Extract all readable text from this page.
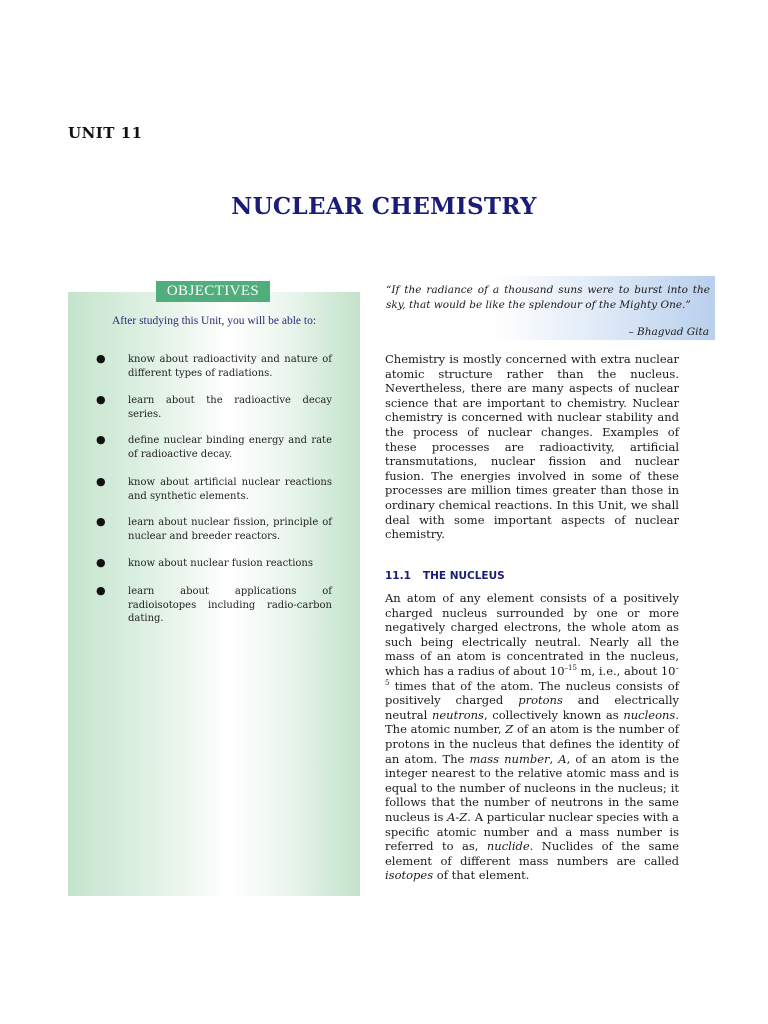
UNIT 11
NUCLEAR CHEMISTRY
OBJECTIVES
After studying this Unit, you will be able to:
● know about radioactivity and nature of different types of radiations.
● learn about the radioactive decay series.
● define nuclear binding energy and rate of radioactive decay.
● know about artificial nuclear reactions and synthetic elements.
● learn about nuclear fission, principle of nuclear and breeder reactors.
● know about nuclear fusion reactions
● learn about applications of radioisotopes including radio-carbon dating.
“If the radiance of a thousand suns were to burst into the sky, that would be like the splendour of the Mighty One.”
– Bhagvad Gita

Chemistry is mostly concerned with extra nuclear atomic structure rather than the nucleus. Nevertheless, there are many aspects of nuclear science that are important to chemistry. Nuclear chemistry is concerned with nuclear stability and the process of nuclear changes. Examples of these processes are radioactivity, artificial transmutations, nuclear fission and nuclear fusion. The energies involved in some of these processes are million times greater than those in ordinary chemical reactions. In this Unit, we shall deal with some important aspects of nuclear chemistry.

11.1 THE NUCLEUS

An atom of any element consists of a positively charged nucleus surrounded by one or more negatively charged electrons, the whole atom as such being electrically neutral. Nearly all the mass of an atom is concentrated in the nucleus, which has a radius of about $10^{-15}$ m, i.e., about $10^{-5}$ times that of the atom. The nucleus consists of positively charged protons and electrically neutral neutrons, collectively known as nucleons. The atomic number, Z of an atom is the number of protons in the nucleus that defines the identity of an atom. The mass number, A, of an atom is the integer nearest to the relative atomic mass and is equal to the number of nucleons in the nucleus; it follows that the number of neutrons in the same nucleus is A-Z. A particular nuclear species with a specific atomic number and a mass number is referred to as, nuclide. Nuclides of the same element of different mass numbers are called isotopes of that element.
